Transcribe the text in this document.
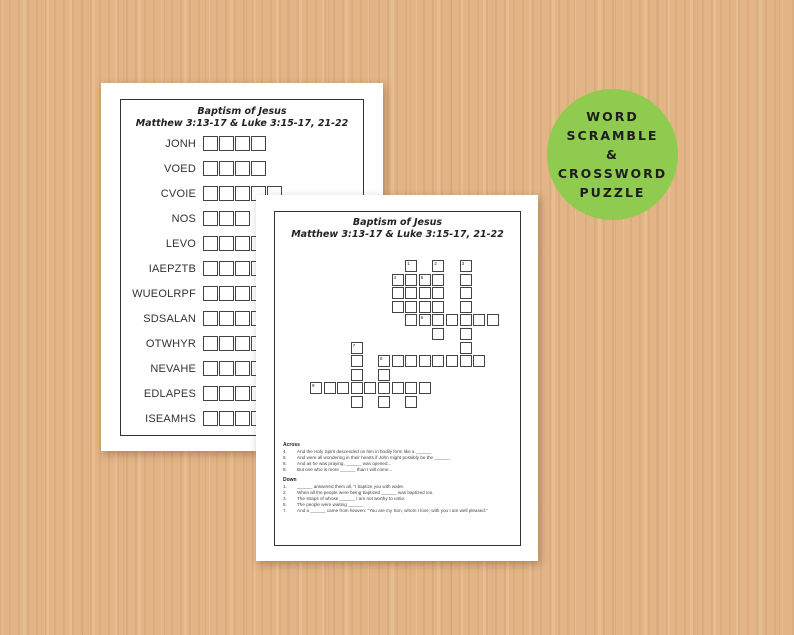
Baptism of Jesus
Matthew 3:13-17 & Luke 3:15-17, 21-22
JONH
VOED
CVOIE
NOS
LEVO
IAEPZTB
WUEOLRPF
SDSALAN
OTWHYR
NEVAHE
EDLAPES
ISEAMHS
Baptism of Jesus
Matthew 3:13-17 & Luke 3:15-17, 21-22
1	2	3
4	5
6
7
8
9
Across
4.	And the Holy Spirit descended on him in bodily form like a ______
6.	And were all wondering in their hearts if John might possibly be the ______
8.	And as he was praying, ______ was opened...
9.	But one who is more ______ than I will come...
Down
1.	______ answered them all, "I baptize you with water.
2.	When all the people were being baptized ______ was baptized too.
3.	The straps of whose ______ I am not worthy to untie.
5.	The people were waiting ______
7.	And a ______ came from heaven: "You are my Son, whom I love; with you I am well pleased."
WORD
SCRAMBLE
&
CROSSWORD
PUZZLE
